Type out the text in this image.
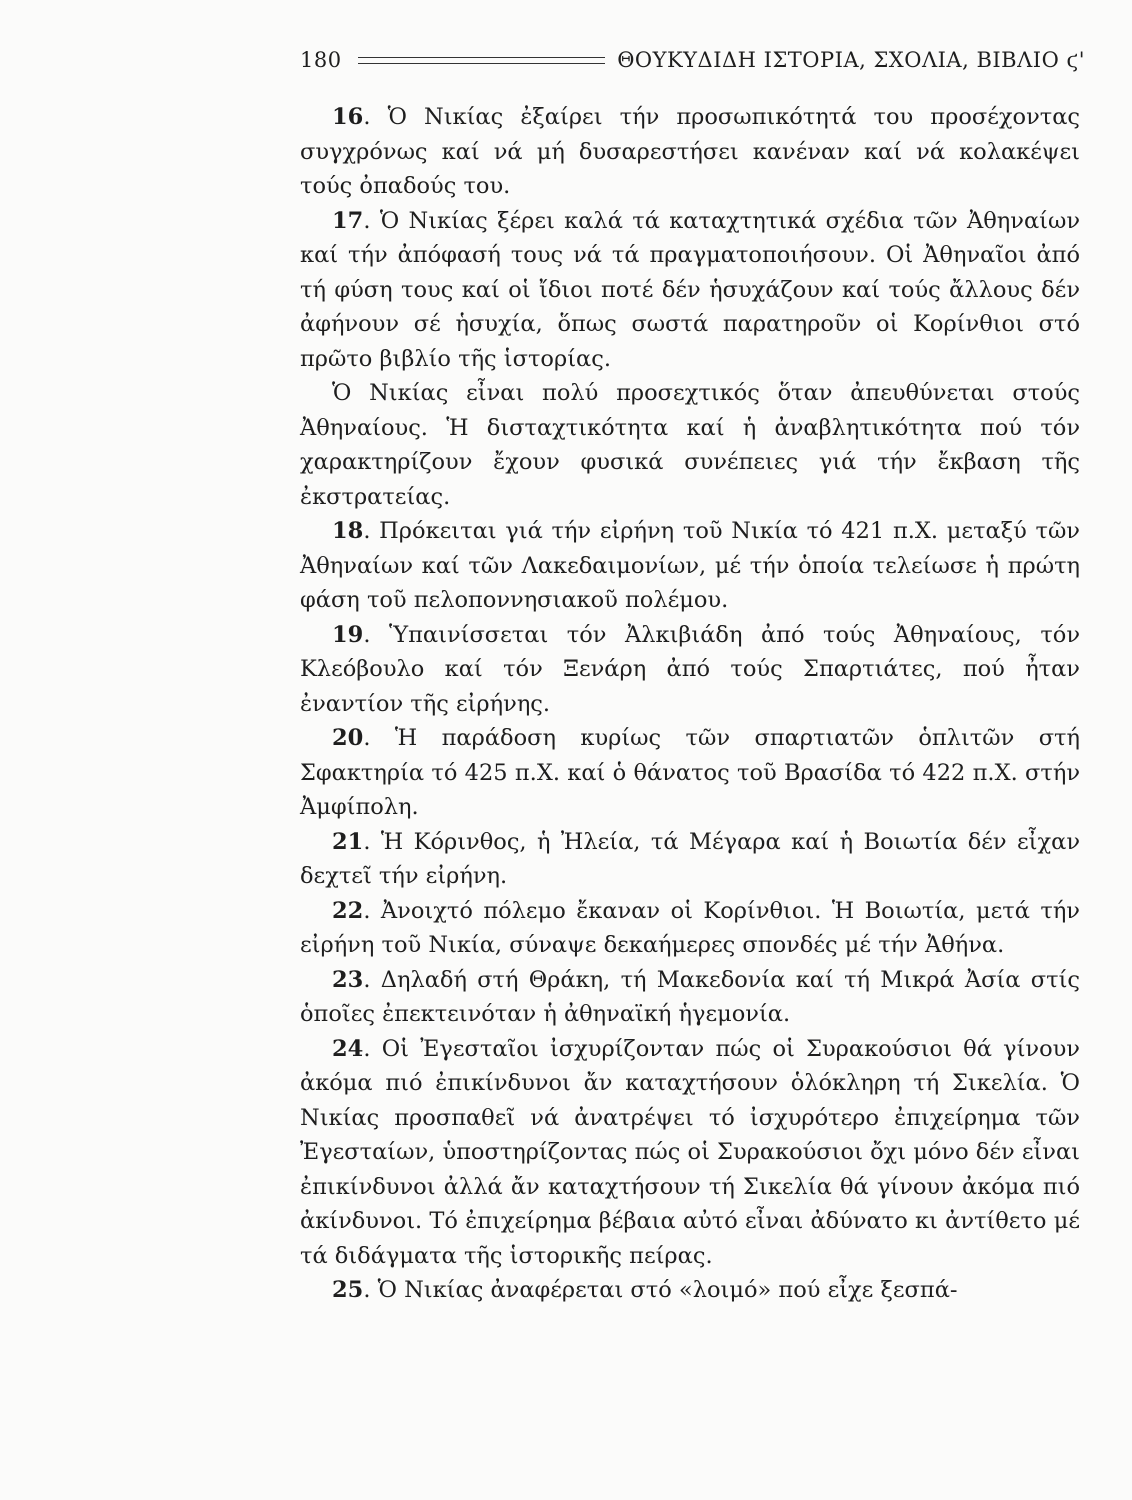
180	ΘΟΥΚΥΔΙΔΗ ΙΣΤΟΡΙΑ, ΣΧΟΛΙΑ, ΒΙΒΛΙΟ ϛ'

16. Ὁ Νικίας ἐξαίρει τήν προσωπικότητά του προσέχοντας συγχρόνως καί νά μή δυσαρεστήσει κανέναν καί νά κολακέψει τούς ὀπαδούς του.

17. Ὁ Νικίας ξέρει καλά τά καταχτητικά σχέδια τῶν Ἀθηναίων καί τήν ἀπόφασή τους νά τά πραγματοποιήσουν. Οἱ Ἀθηναῖοι ἀπό τή φύση τους καί οἱ ἴδιοι ποτέ δέν ἡσυχάζουν καί τούς ἄλλους δέν ἀφήνουν σέ ἡσυχία, ὅπως σωστά παρατηροῦν οἱ Κορίνθιοι στό πρῶτο βιβλίο τῆς ἱστορίας.

Ὁ Νικίας εἶναι πολύ προσεχτικός ὅταν ἀπευθύνεται στούς Ἀθηναίους. Ἡ δισταχτικότητα καί ἡ ἀναβλητικότητα πού τόν χαρακτηρίζουν ἔχουν φυσικά συνέπειες γιά τήν ἔκβαση τῆς ἐκστρατείας.

18. Πρόκειται γιά τήν εἰρήνη τοῦ Νικία τό 421 π.Χ. μεταξύ τῶν Ἀθηναίων καί τῶν Λακεδαιμονίων, μέ τήν ὁποία τελείωσε ἡ πρώτη φάση τοῦ πελοποννησιακοῦ πολέμου.

19. Ὑπαινίσσεται τόν Ἀλκιβιάδη ἀπό τούς Ἀθηναίους, τόν Κλεόβουλο καί τόν Ξενάρη ἀπό τούς Σπαρτιάτες, πού ἦταν ἐναντίον τῆς εἰρήνης.

20. Ἡ παράδοση κυρίως τῶν σπαρτιατῶν ὁπλιτῶν στή Σφακτηρία τό 425 π.Χ. καί ὁ θάνατος τοῦ Βρασίδα τό 422 π.Χ. στήν Ἀμφίπολη.

21. Ἡ Κόρινθος, ἡ Ἠλεία, τά Μέγαρα καί ἡ Βοιωτία δέν εἶχαν δεχτεῖ τήν εἰρήνη.

22. Ἀνοιχτό πόλεμο ἔκαναν οἱ Κορίνθιοι. Ἡ Βοιωτία, μετά τήν εἰρήνη τοῦ Νικία, σύναψε δεκαήμερες σπονδές μέ τήν Ἀθήνα.

23. Δηλαδή στή Θράκη, τή Μακεδονία καί τή Μικρά Ἀσία στίς ὁποῖες ἐπεκτεινόταν ἡ ἀθηναϊκή ἡγεμονία.

24. Οἱ Ἐγεσταῖοι ἰσχυρίζονταν πώς οἱ Συρακούσιοι θά γίνουν ἀκόμα πιό ἐπικίνδυνοι ἄν καταχτήσουν ὁλόκληρη τή Σικελία. Ὁ Νικίας προσπαθεῖ νά ἀνατρέψει τό ἰσχυρότερο ἐπιχείρημα τῶν Ἐγεσταίων, ὑποστηρίζοντας πώς οἱ Συρακούσιοι ὄχι μόνο δέν εἶναι ἐπικίνδυνοι ἀλλά ἄν καταχτήσουν τή Σικελία θά γίνουν ἀκόμα πιό ἀκίνδυνοι. Τό ἐπιχείρημα βέβαια αὐτό εἶναι ἀδύνατο κι ἀντίθετο μέ τά διδάγματα τῆς ἱστορικῆς πείρας.

25. Ὁ Νικίας ἀναφέρεται στό «λοιμό» πού εἶχε ξεσπά-
